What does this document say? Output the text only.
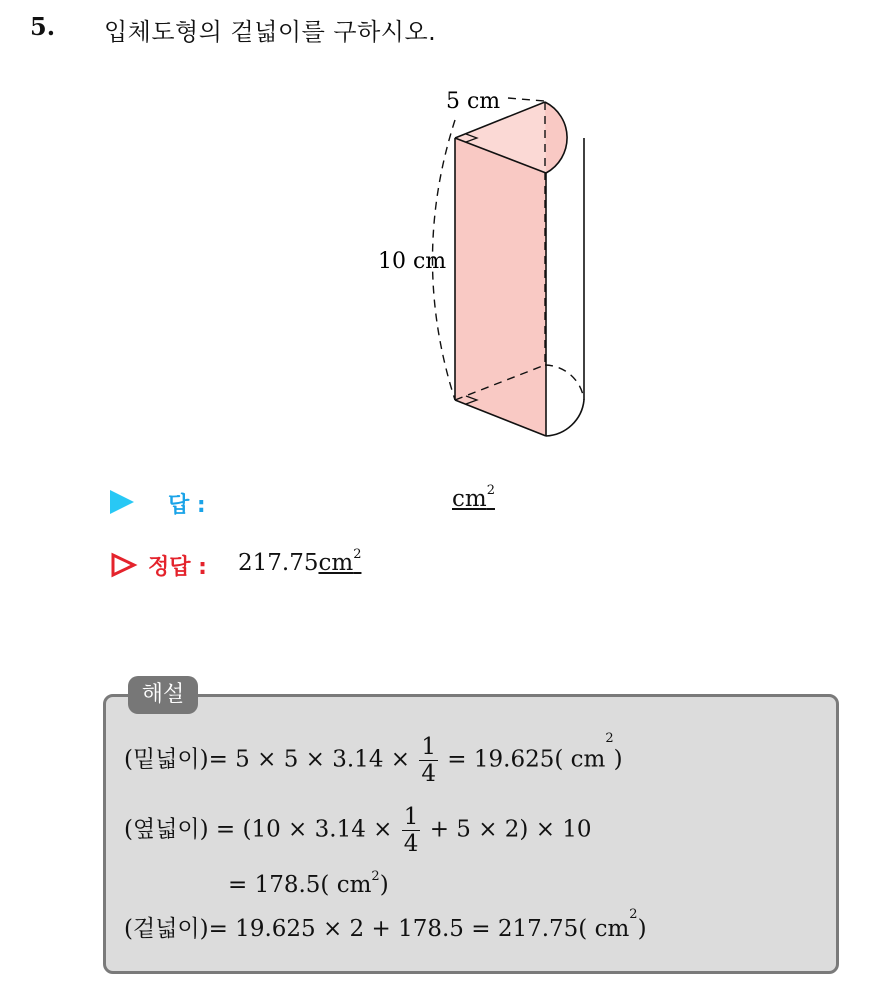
5. 입체도형의 겉넓이를 구하시오.
5 cm
10 cm
답 :	$cm^2$
정답 : $217.75cm^2$
해설
(밑넓이)= $5 \times 5 \times 3.14 \times \frac{1}{4} = 19.625$( $cm^2$)
(옆넓이) = $(10 \times 3.14 \times \frac{1}{4} + 5 \times 2) \times 10$
= 178.5( $cm^2$)
(겉넓이)= 19.625 × 2 + 178.5 = 217.75( $cm^2$)
